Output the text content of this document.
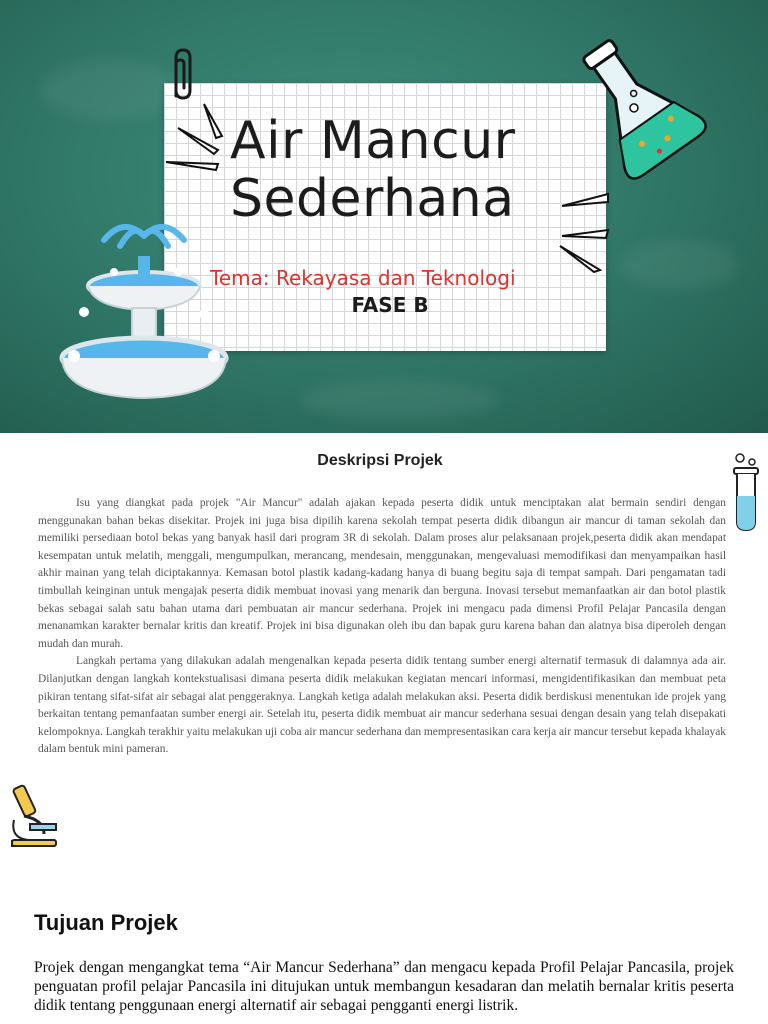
Air Mancur
Sederhana
Tema: Rekayasa dan Teknologi
FASE B
Deskripsi Projek

Isu yang diangkat pada projek "Air Mancur" adalah ajakan kepada peserta didik untuk menciptakan alat bermain sendiri dengan menggunakan bahan bekas disekitar. Projek ini juga bisa dipilih karena sekolah tempat peserta didik dibangun air mancur di taman sekolah dan memiliki persediaan botol bekas yang banyak hasil dari program 3R di sekolah. Dalam proses alur pelaksanaan projek,peserta didik akan mendapat kesempatan untuk melatih, menggali, mengumpulkan, merancang, mendesain, menggunakan, mengevaluasi memodifikasi dan menyampaikan hasil akhir mainan yang telah diciptakannya. Kemasan botol plastik kadang-kadang hanya di buang begitu saja di tempat sampah. Dari pengamatan tadi timbullah keinginan untuk mengajak peserta didik membuat inovasi yang menarik dan berguna. Inovasi tersebut memanfaatkan air dan botol plastik bekas sebagai salah satu bahan utama dari pembuatan air mancur sederhana. Projek ini mengacu pada dimensi Profil Pelajar Pancasila dengan menanamkan karakter bernalar kritis dan kreatif. Projek ini bisa digunakan oleh ibu dan bapak guru karena bahan dan alatnya bisa diperoleh dengan mudah dan murah.

Langkah pertama yang dilakukan adalah mengenalkan kepada peserta didik tentang sumber energi alternatif termasuk di dalamnya ada air. Dilanjutkan dengan langkah kontekstualisasi dimana peserta didik melakukan kegiatan mencari informasi, mengidentifikasikan dan membuat peta pikiran tentang sifat-sifat air sebagai alat penggeraknya. Langkah ketiga adalah melakukan aksi. Peserta didik berdiskusi menentukan ide projek yang berkaitan tentang pemanfaatan sumber energi air. Setelah itu, peserta didik membuat air mancur sederhana sesuai dengan desain yang telah disepakati kelompoknya. Langkah terakhir yaitu melakukan uji coba air mancur sederhana dan mempresentasikan cara kerja air mancur tersebut kepada khalayak dalam bentuk mini pameran.

Tujuan Projek

Projek dengan mengangkat tema “Air Mancur Sederhana” dan mengacu kepada Profil Pelajar Pancasila, projek penguatan profil pelajar Pancasila ini ditujukan untuk membangun kesadaran dan melatih bernalar kritis peserta didik tentang penggunaan energi alternatif air sebagai pengganti energi listrik.
